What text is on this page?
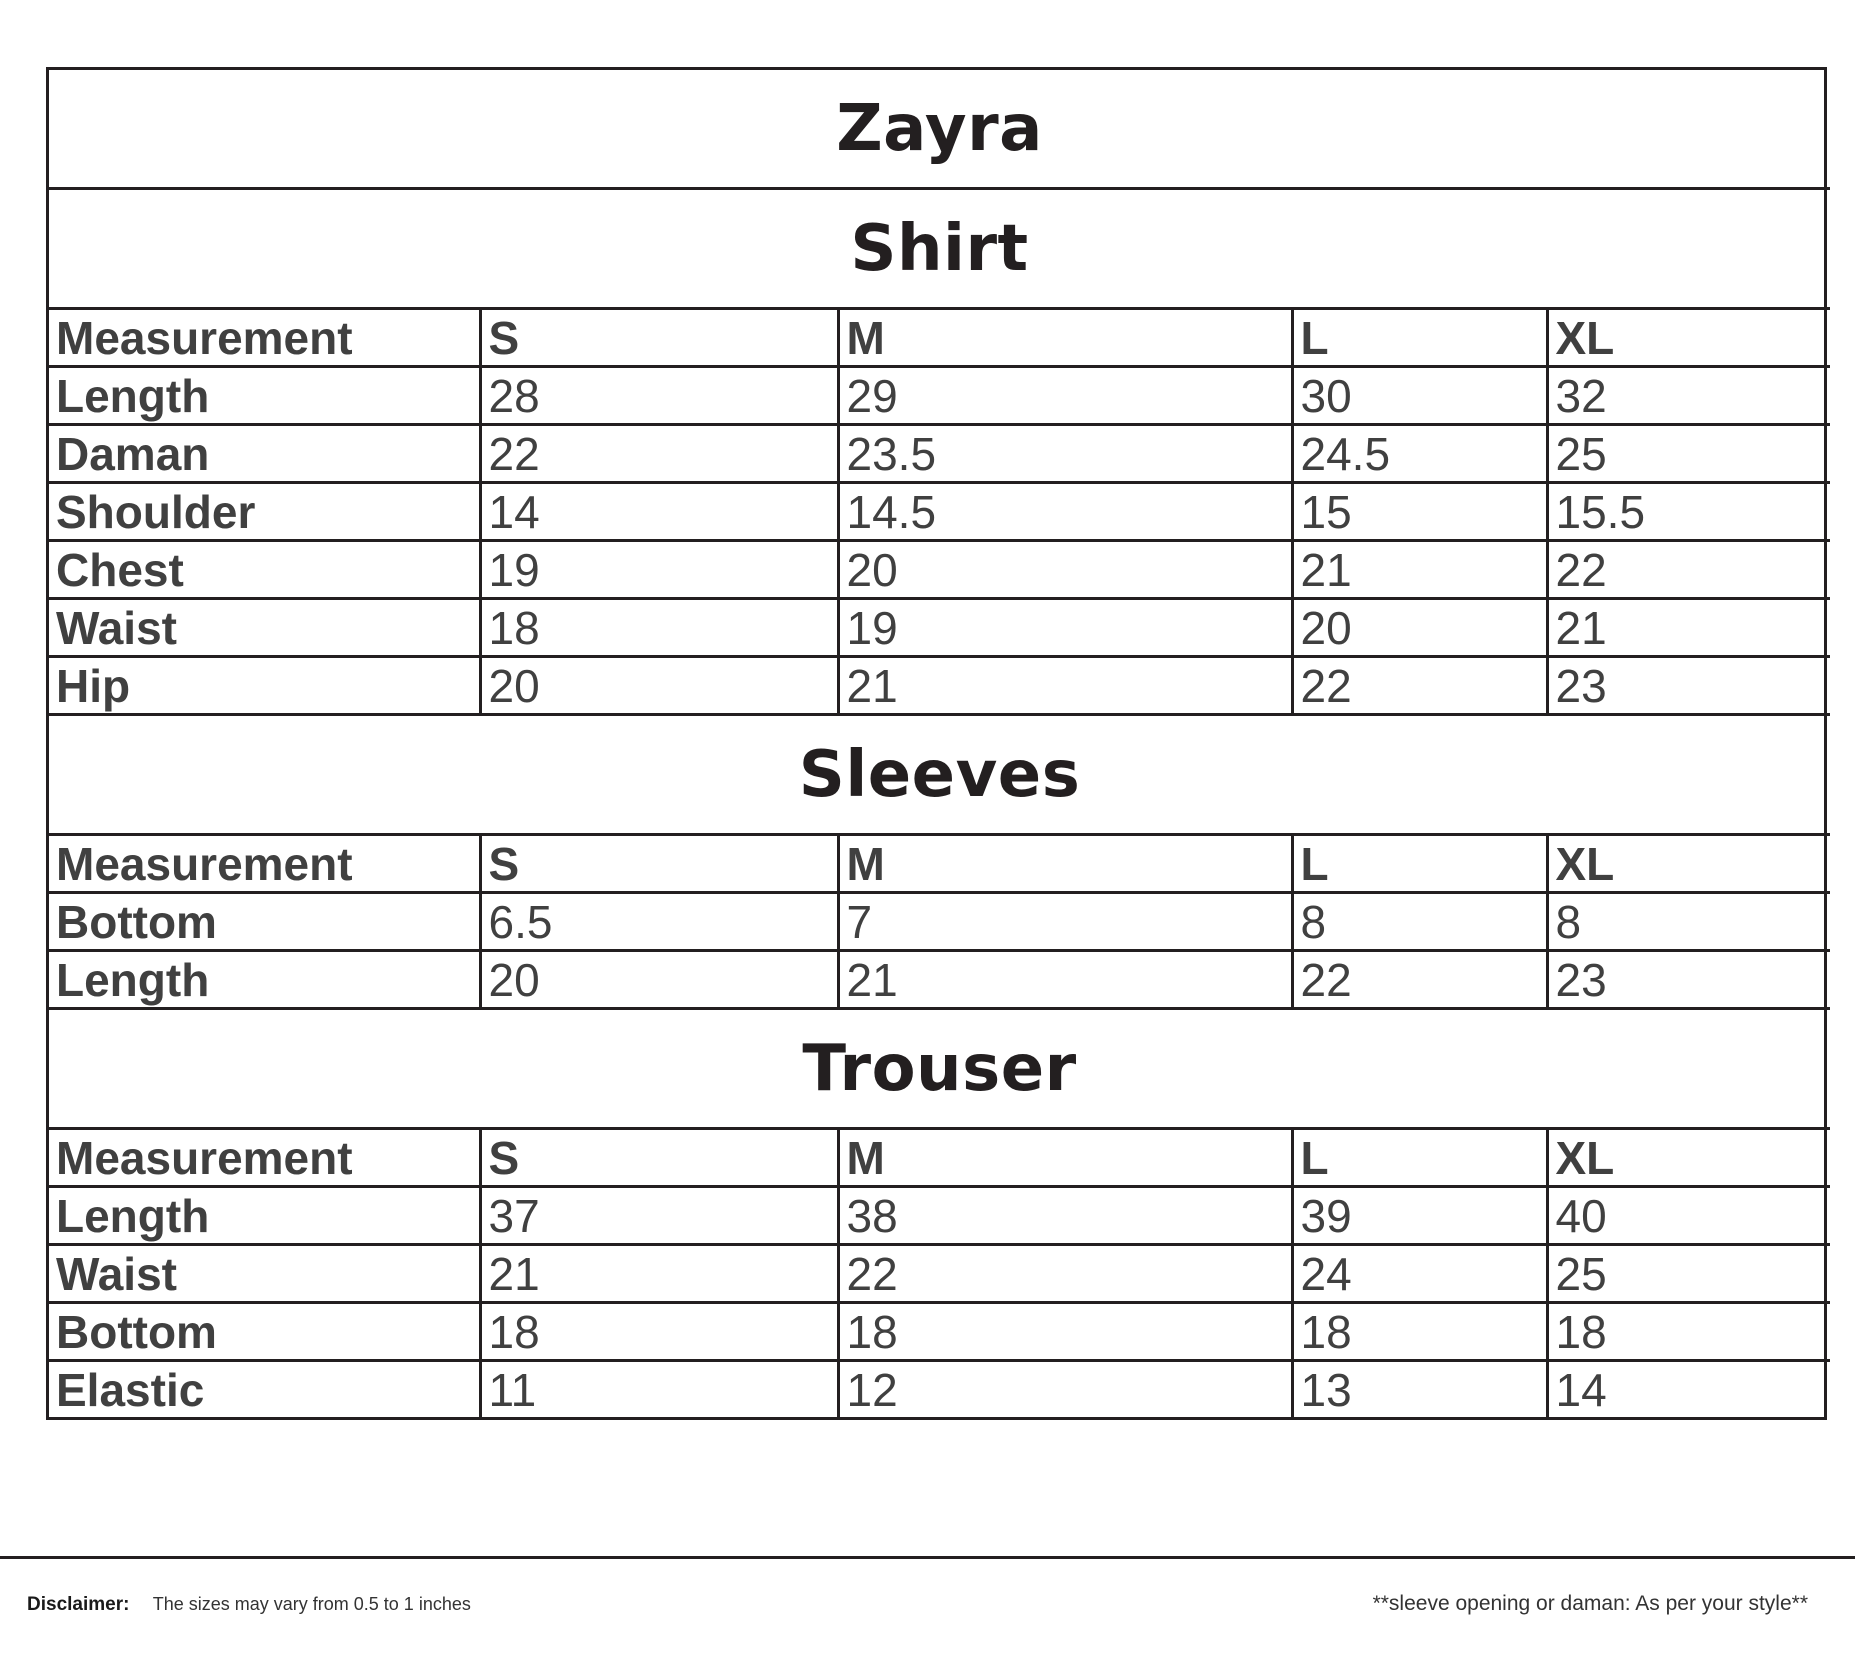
Zayra				
Shirt				
Measurement	S	M	L	XL
Length	28	29	30	32
Daman	22	23.5	24.5	25
Shoulder	14	14.5	15	15.5
Chest	19	20	21	22
Waist	18	19	20	21
Hip	20	21	22	23
Sleeves				
Measurement	S	M	L	XL
Bottom	6.5	7	8	8
Length	20	21	22	23
Trouser				
Measurement	S	M	L	XL
Length	37	38	39	40
Waist	21	22	24	25
Bottom	18	18	18	18
Elastic	11	12	13	14
Disclaimer: The sizes may vary from 0.5 to 1 inches	**sleeve opening or daman: As per your style**
